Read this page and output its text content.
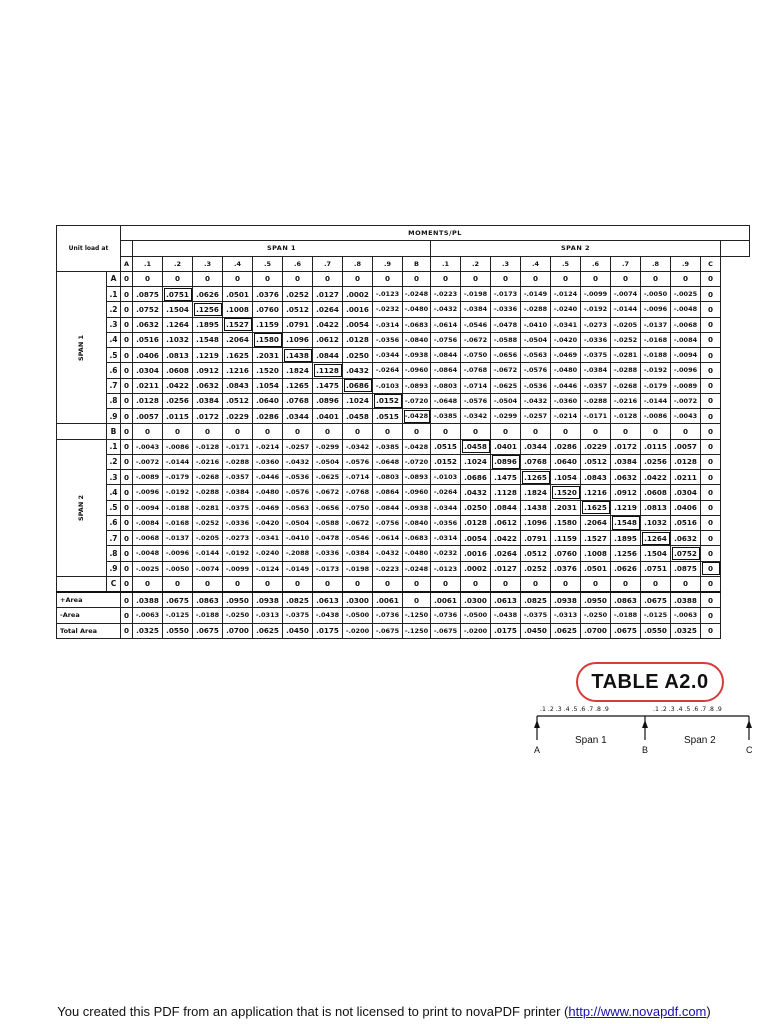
Unit load at		MOMENTS/PL																					
			SPAN 1										SPAN 2										
		A	.1	.2	.3	.4	.5	.6	.7	.8	.9	B	.1	.2	.3	.4	.5	.6	.7	.8	.9	C	
SPAN 1	A	0	0	0	0	0	0	0	0	0	0	0	0	0	0	0	0	0	0	0	0	0	
	.1	0	.0875	.0751	.0626	.0501	.0376	.0252	.0127	.0002	-.0123	-.0248	-.0223	-.0198	-.0173	-.0149	-.0124	-.0099	-.0074	-.0050	-.0025	0	
	.2	0	.0752	.1504	.1256	.1008	.0760	.0512	.0264	.0016	-.0232	-.0480	-.0432	-.0384	-.0336	-.0288	-.0240	-.0192	-.0144	-.0096	-.0048	0	
	.3	0	.0632	.1264	.1895	.1527	.1159	.0791	.0422	.0054	-.0314	-.0683	-.0614	-.0546	-.0478	-.0410	-.0341	-.0273	-.0205	-.0137	-.0068	0	
	.4	0	.0516	.1032	.1548	.2064	.1580	.1096	.0612	.0128	-.0356	-.0840	-.0756	-.0672	-.0588	-.0504	-.0420	-.0336	-.0252	-.0168	-.0084	0	
	.5	0	.0406	.0813	.1219	.1625	.2031	.1438	.0844	.0250	-.0344	-.0938	-.0844	-.0750	-.0656	-.0563	-.0469	-.0375	-.0281	-.0188	-.0094	0	
	.6	0	.0304	.0608	.0912	.1216	.1520	.1824	.1128	.0432	-.0264	-.0960	-.0864	-.0768	-.0672	-.0576	-.0480	-.0384	-.0288	-.0192	-.0096	0	
	.7	0	.0211	.0422	.0632	.0843	.1054	.1265	.1475	.0686	-.0103	-.0893	-.0803	-.0714	-.0625	-.0536	-.0446	-.0357	-.0268	-.0179	-.0089	0	
	.8	0	.0128	.0256	.0384	.0512	.0640	.0768	.0896	.1024	.0152	-.0720	-.0648	-.0576	-.0504	-.0432	-.0360	-.0288	-.0216	-.0144	-.0072	0	
	.9	0	.0057	.0115	.0172	.0229	.0286	.0344	.0401	.0458	.0515	-.0428	-.0385	-.0342	-.0299	-.0257	-.0214	-.0171	-.0128	-.0086	-.0043	0	
	B	0	0	0	0	0	0	0	0	0	0	0	0	0	0	0	0	0	0	0	0	0	
SPAN 2	.1	0	-.0043	-.0086	-.0128	-.0171	-.0214	-.0257	-.0299	-.0342	-.0385	-.0428	.0515	.0458	.0401	.0344	.0286	.0229	.0172	.0115	.0057	0	
	.2	0	-.0072	-.0144	-.0216	-.0288	-.0360	-.0432	-.0504	-.0576	-.0648	-.0720	.0152	.1024	.0896	.0768	.0640	.0512	.0384	.0256	.0128	0	
	.3	0	-.0089	-.0179	-.0268	-.0357	-.0446	-.0536	-.0625	-.0714	-.0803	-.0893	-.0103	.0686	.1475	.1265	.1054	.0843	.0632	.0422	.0211	0	
	.4	0	-.0096	-.0192	-.0288	-.0384	-.0480	-.0576	-.0672	-.0768	-.0864	-.0960	-.0264	.0432	.1128	.1824	.1520	.1216	.0912	.0608	.0304	0	
	.5	0	-.0094	-.0188	-.0281	-.0375	-.0469	-.0563	-.0656	-.0750	-.0844	-.0938	-.0344	.0250	.0844	.1438	.2031	.1625	.1219	.0813	.0406	0	
	.6	0	-.0084	-.0168	-.0252	-.0336	-.0420	-.0504	-.0588	-.0672	-.0756	-.0840	-.0356	.0128	.0612	.1096	.1580	.2064	.1548	.1032	.0516	0	
	.7	0	-.0068	-.0137	-.0205	-.0273	-.0341	-.0410	-.0478	-.0546	-.0614	-.0683	-.0314	.0054	.0422	.0791	.1159	.1527	.1895	.1264	.0632	0	
	.8	0	-.0048	-.0096	-.0144	-.0192	-.0240	-.2088	-.0336	-.0384	-.0432	-.0480	-.0232	.0016	.0264	.0512	.0760	.1008	.1256	.1504	.0752	0	
	.9	0	-.0025	-.0050	-.0074	-.0099	-.0124	-.0149	-.0173	-.0198	-.0223	-.0248	-.0123	.0002	.0127	.0252	.0376	.0501	.0626	.0751	.0875	0	
	C	0	0	0	0	0	0	0	0	0	0	0	0	0	0	0	0	0	0	0	0	0	
+Area		0	.0388	.0675	.0863	.0950	.0938	.0825	.0613	.0300	.0061	0	.0061	.0300	.0613	.0825	.0938	.0950	.0863	.0675	.0388	0	
-Area		0	-.0063	-.0125	-.0188	-.0250	-.0313	-.0375	-.0438	-.0500	-.0736	-.1250	-.0736	-.0500	-.0438	-.0375	-.0313	-.0250	-.0188	-.0125	-.0063	0	
Total Area		0	.0325	.0550	.0675	.0700	.0625	.0450	.0175	-.0200	-.0675	-.1250	-.0675	-.0200	.0175	.0450	.0625	.0700	.0675	.0550	.0325	0	
TABLE A2.0
.1 .2 .3 .4 .5 .6 .7 .8 .9	.1 .2 .3 .4 .5 .6 .7 .8 .9
Span 1	Span 2
A	B	C
You created this PDF from an application that is not licensed to print to novaPDF printer (http://www.novapdf.com)
